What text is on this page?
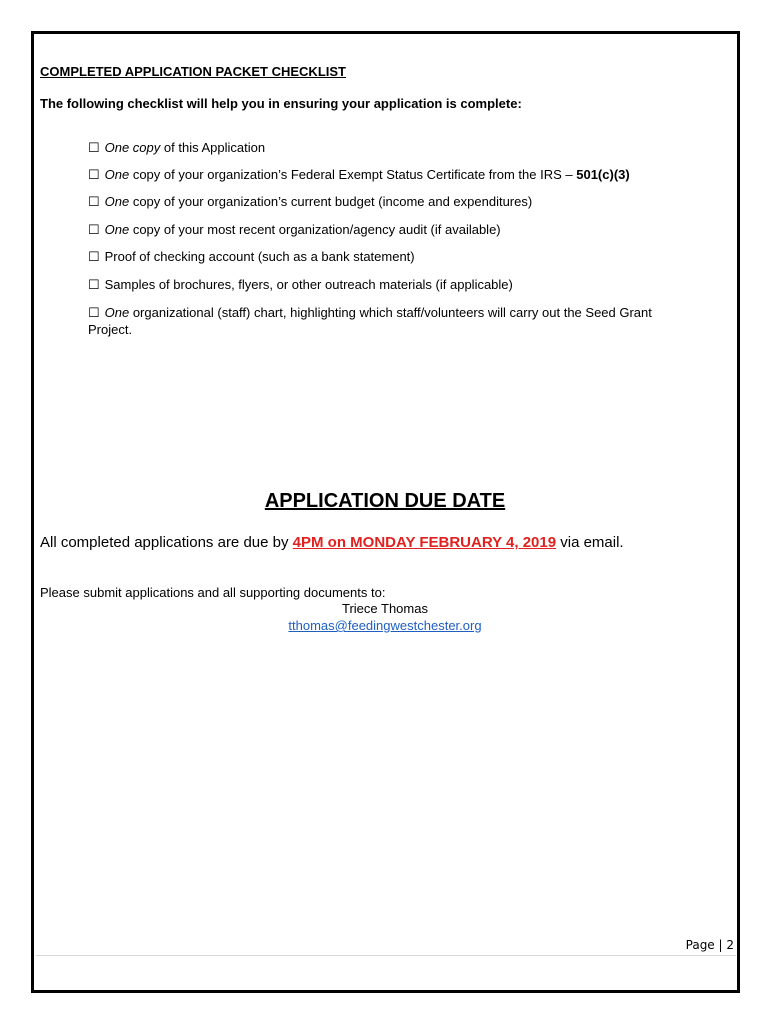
COMPLETED APPLICATION PACKET CHECKLIST
The following checklist will help you in ensuring your application is complete:
☐ One copy of this Application
☐ One copy of your organization’s Federal Exempt Status Certificate from the IRS – 501(c)(3)
☐ One copy of your organization’s current budget (income and expenditures)
☐ One copy of your most recent organization/agency audit (if available)
☐ Proof of checking account (such as a bank statement)
☐ Samples of brochures, flyers, or other outreach materials (if applicable)
☐ One organizational (staff) chart, highlighting which staff/volunteers will carry out the Seed Grant Project.
APPLICATION DUE DATE
All completed applications are due by 4PM on MONDAY FEBRUARY 4, 2019 via email.
Please submit applications and all supporting documents to:
Triece Thomas
tthomas@feedingwestchester.org
Page | 2
